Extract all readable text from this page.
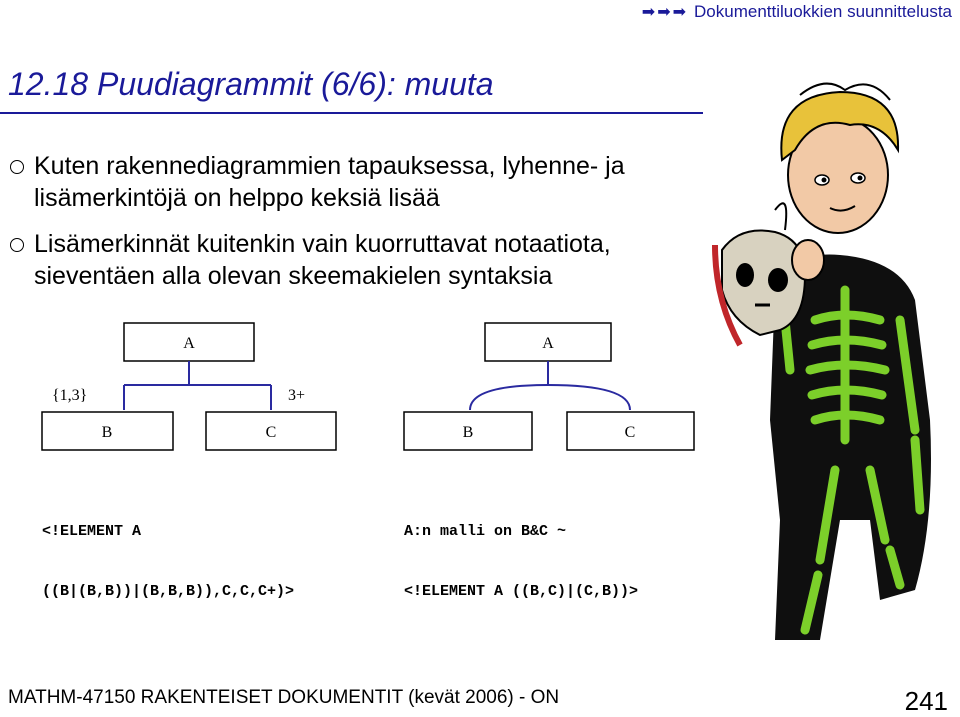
➡➡➡ Dokumenttiluokkien suunnittelusta
12.18 Puudiagrammit (6/6): muuta
Kuten rakennediagrammien tapauksessa, lyhenne- ja
lisämerkintöjä on helppo keksiä lisää
Lisämerkinnät kuitenkin vain kuorruttavat notaatiota,
sieventäen alla olevan skeemakielen syntaksia
A
{1,3}	3+
B	C
A
B	C

<!ELEMENT A

((B|(B,B))|(B,B,B)),C,C,C+)>

A:n malli on B&C ~

<!ELEMENT A ((B,C)|(C,B))>

MATHM-47150 RAKENTEISET DOKUMENTIT (kevät 2006) - ON	241
